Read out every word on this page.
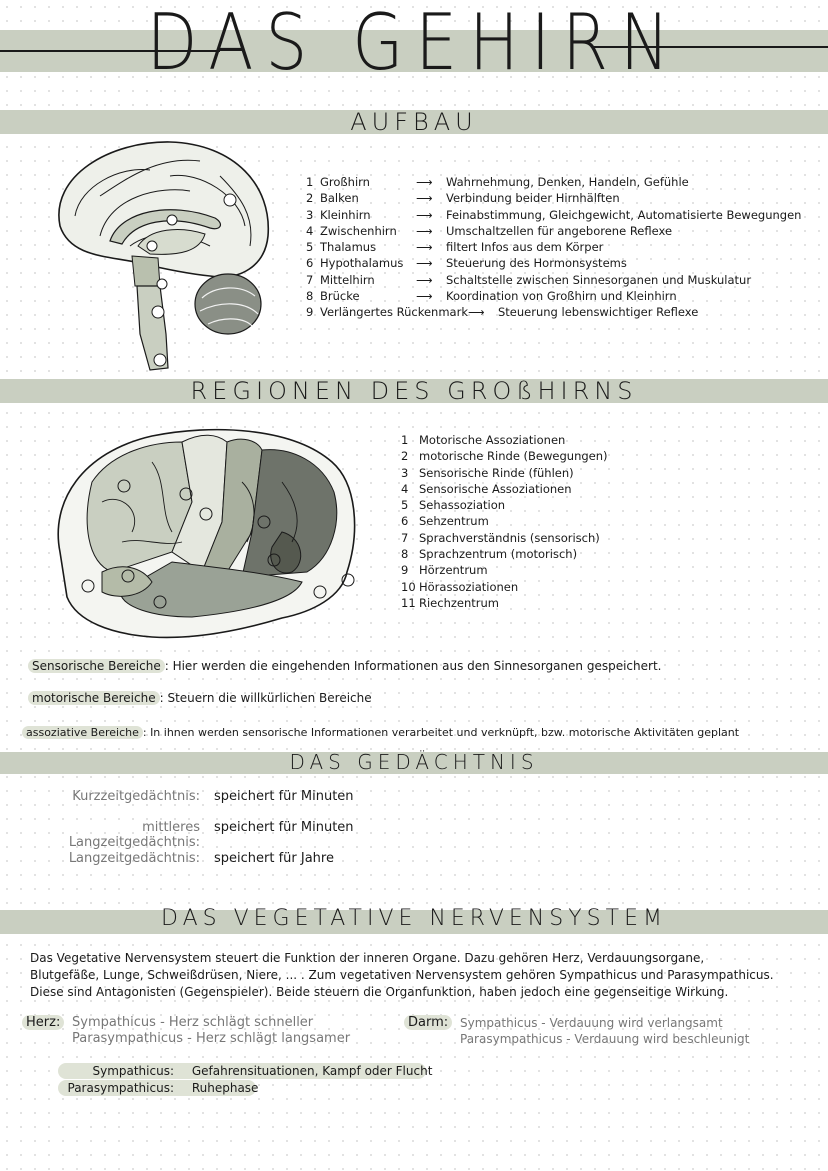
DAS GEHIRN
AUFBAU
1 Großhirn	⟶	Wahrnehmung, Denken, Handeln, Gefühle
2 Balken	⟶	Verbindung beider Hirnhälften
3 Kleinhirn	⟶	Feinabstimmung, Gleichgewicht, Automatisierte Bewegungen
4 Zwischenhirn	⟶	Umschaltzellen für angeborene Reflexe
5 Thalamus	⟶	filtert Infos aus dem Körper
6 Hypothalamus	⟶	Steuerung des Hormonsystems
7 Mittelhirn	⟶	Schaltstelle zwischen Sinnesorganen und Muskulatur
8 Brücke	⟶	Koordination von Großhirn und Kleinhirn
9 Verlängertes Rückenmark ⟶	Steuerung lebenswichtiger Reflexe
REGIONEN DES GROßHIRNS
1 Motorische Assoziationen
2 motorische Rinde (Bewegungen)
3 Sensorische Rinde (fühlen)
4 Sensorische Assoziationen
5 Sehassoziation
6 Sehzentrum
7 Sprachverständnis (sensorisch)
8 Sprachzentrum (motorisch)
9 Hörzentrum
10 Hörassoziationen
11 Riechzentrum
Sensorische Bereiche : Hier werden die eingehenden Informationen aus den Sinnesorganen gespeichert.
motorische Bereiche : Steuern die willkürlichen Bereiche
assoziative Bereiche : In ihnen werden sensorische Informationen verarbeitet und verknüpft, bzw. motorische Aktivitäten geplant
DAS GEDÄCHTNIS
Kurzzeitgedächtnis: speichert für Minuten
mittleres Langzeitgedächtnis:
speichert für Minuten
Langzeitgedächtnis: speichert für Jahre
DAS VEGETATIVE NERVENSYSTEM
Das Vegetative Nervensystem steuert die Funktion der inneren Organe. Dazu gehören Herz, Verdauungsorgane,
Blutgefäße, Lunge, Schweißdrüsen, Niere, ... . Zum vegetativen Nervensystem gehören Sympathicus und Parasympathicus.
Diese sind Antagonisten (Gegenspieler). Beide steuern die Organfunktion, haben jedoch eine gegenseitige Wirkung.
Herz: Sympathicus - Herz schlägt schneller
Parasympathicus - Herz schlägt langsamer
Darm: Sympathicus - Verdauung wird verlangsamt
Parasympathicus - Verdauung wird beschleunigt
Sympathicus: Gefahrensituationen, Kampf oder Flucht
Parasympathicus: Ruhephase
